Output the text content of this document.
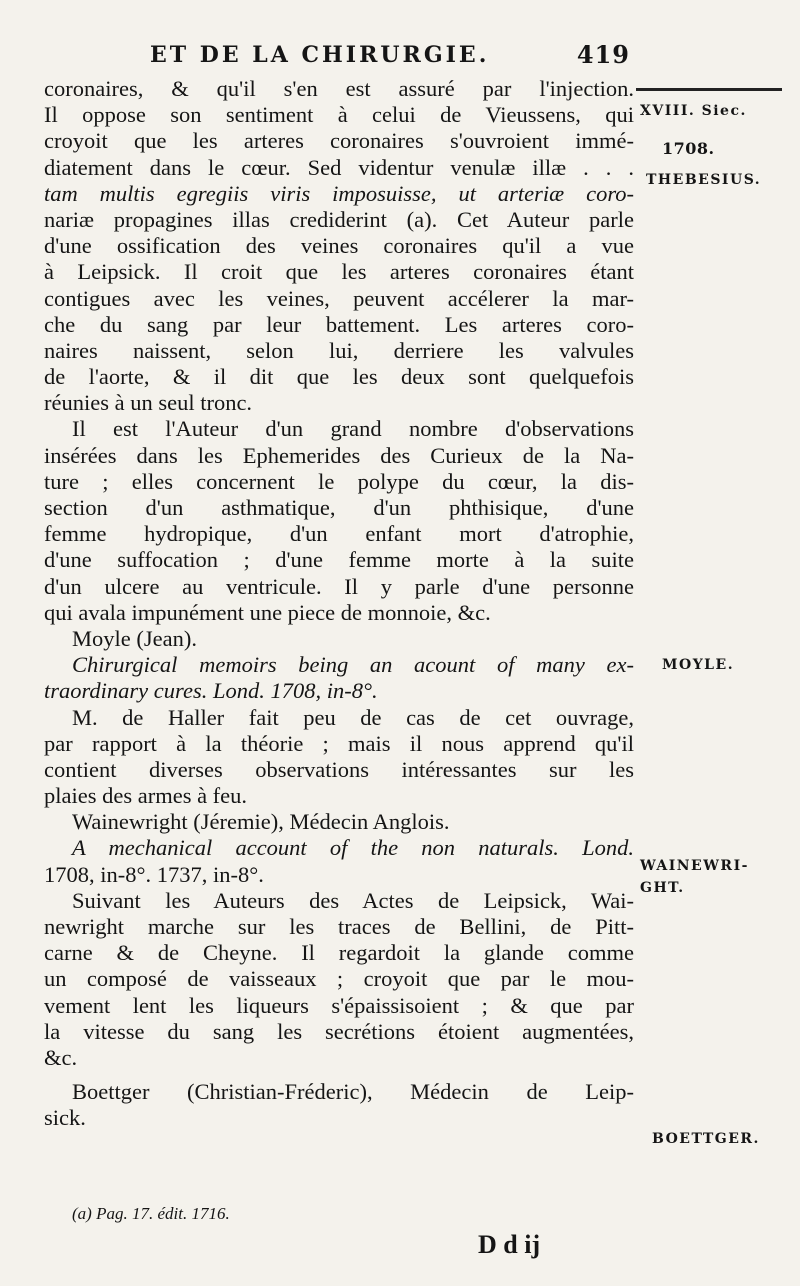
ET DE LA CHIRURGIE.	419
XVIII. Siec.
1708.
THEBESIUS.
MOYLE.
WAINEWRI-
GHT.
BOETTGER.
coronaires, & qu'il s'en est assuré par l'injection.
Il oppose son sentiment à celui de Vieussens, qui
croyoit que les arteres coronaires s'ouvroient immé-
diatement dans le cœur. Sed videntur venulæ illæ . . .
tam multis egregiis viris imposuisse, ut arteriæ coro-
nariæ propagines illas crediderint (a). Cet Auteur parle
d'une ossification des veines coronaires qu'il a vue
à Leipsick. Il croit que les arteres coronaires étant
contigues avec les veines, peuvent accélerer la mar-
che du sang par leur battement. Les arteres coro-
naires naissent, selon lui, derriere les valvules
de l'aorte, & il dit que les deux sont quelquefois
réunies à un seul tronc.
Il est l'Auteur d'un grand nombre d'observations
insérées dans les Ephemerides des Curieux de la Na-
ture ; elles concernent le polype du cœur, la dis-
section d'un asthmatique, d'un phthisique, d'une
femme hydropique, d'un enfant mort d'atrophie,
d'une suffocation ; d'une femme morte à la suite
d'un ulcere au ventricule. Il y parle d'une personne
qui avala impunément une piece de monnoie, &c.
Moyle (Jean).
Chirurgical memoirs being an acount of many ex-
traordinary cures. Lond. 1708, in-8°.
M. de Haller fait peu de cas de cet ouvrage,
par rapport à la théorie ; mais il nous apprend qu'il
contient diverses observations intéressantes sur les
plaies des armes à feu.
Wainewright (Jéremie), Médecin Anglois.
A mechanical account of the non naturals. Lond.
1708, in-8°. 1737, in-8°.
Suivant les Auteurs des Actes de Leipsick, Wai-
newright marche sur les traces de Bellini, de Pitt-
carne & de Cheyne. Il regardoit la glande comme
un composé de vaisseaux ; croyoit que par le mou-
vement lent les liqueurs s'épaissisoient ; & que par
la vitesse du sang les secrétions étoient augmentées,
&c.
Boettger (Christian-Fréderic), Médecin de Leip-
sick.
(a) Pag. 17. édit. 1716.
D d ij
